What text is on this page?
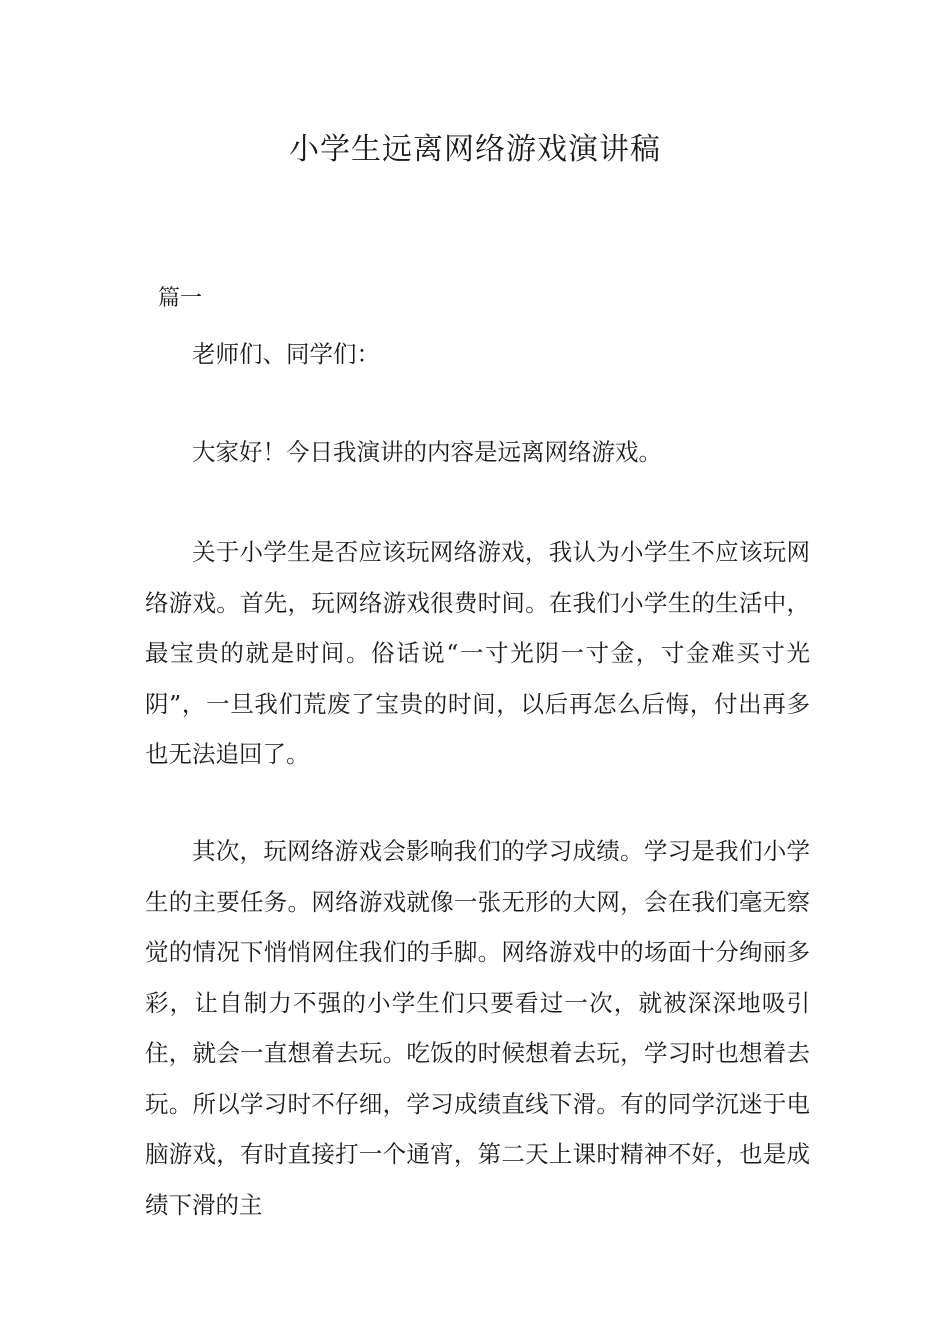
小学生远离网络游戏演讲稿
篇一

老师们、同学们：

大家好！今日我演讲的内容是远离网络游戏。

关于小学生是否应该玩网络游戏，我认为小学生不应该玩网络游戏。首先，玩网络游戏很费时间。在我们小学生的生活中，最宝贵的就是时间。俗话说“一寸光阴一寸金，寸金难买寸光阴”，一旦我们荒废了宝贵的时间，以后再怎么后悔，付出再多也无法追回了。

其次，玩网络游戏会影响我们的学习成绩。学习是我们小学生的主要任务。网络游戏就像一张无形的大网，会在我们毫无察觉的情况下悄悄网住我们的手脚。网络游戏中的场面十分绚丽多彩，让自制力不强的小学生们只要看过一次，就被深深地吸引住，就会一直想着去玩。吃饭的时候想着去玩，学习时也想着去玩。所以学习时不仔细，学习成绩直线下滑。有的同学沉迷于电脑游戏，有时直接打一个通宵，第二天上课时精神不好，也是成绩下滑的主
